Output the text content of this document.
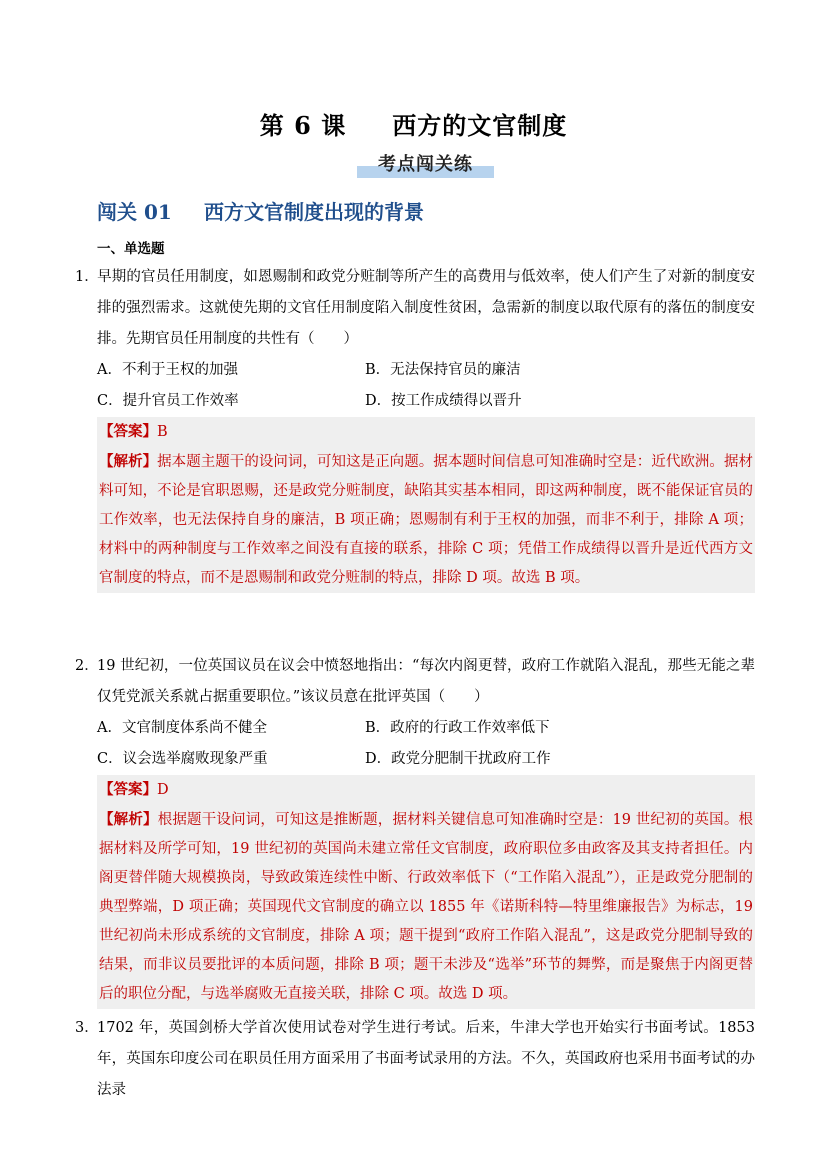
第 6 课 西方的文官制度
考点闯关练
闯关 01 西方文官制度出现的背景
一、单选题
1．早期的官员任用制度，如恩赐制和政党分赃制等所产生的高费用与低效率，使人们产生了对新的制度安排的强烈需求。这就使先期的文官任用制度陷入制度性贫困，急需新的制度以取代原有的落伍的制度安排。先期官员任用制度的共性有（　　）
A．不利于王权的加强	B．无法保持官员的廉洁
C．提升官员工作效率	D．按工作成绩得以晋升

【答案】B

【解析】据本题主题干的设问词，可知这是正向题。据本题时间信息可知准确时空是：近代欧洲。据材料可知，不论是官职恩赐，还是政党分赃制度，缺陷其实基本相同，即这两种制度，既不能保证官员的工作效率，也无法保持自身的廉洁，B 项正确；恩赐制有利于王权的加强，而非不利于，排除 A 项；材料中的两种制度与工作效率之间没有直接的联系，排除 C 项；凭借工作成绩得以晋升是近代西方文官制度的特点，而不是恩赐制和政党分赃制的特点，排除 D 项。故选 B 项。

2．19 世纪初，一位英国议员在议会中愤怒地指出：“每次内阁更替，政府工作就陷入混乱，那些无能之辈仅凭党派关系就占据重要职位。”该议员意在批评英国（　　）
A．文官制度体系尚不健全	B．政府的行政工作效率低下
C．议会选举腐败现象严重	D．政党分肥制干扰政府工作

【答案】D

【解析】根据题干设问词，可知这是推断题，据材料关键信息可知准确时空是：19 世纪初的英国。根据材料及所学可知，19 世纪初的英国尚未建立常任文官制度，政府职位多由政客及其支持者担任。内阁更替伴随大规模换岗，导致政策连续性中断、行政效率低下（“工作陷入混乱”），正是政党分肥制的典型弊端，D 项正确；英国现代文官制度的确立以 1855 年《诺斯科特—特里维廉报告》为标志，19 世纪初尚未形成系统的文官制度，排除 A 项；题干提到“政府工作陷入混乱”，这是政党分肥制导致的结果，而非议员要批评的本质问题，排除 B 项；题干未涉及“选举”环节的舞弊，而是聚焦于内阁更替后的职位分配，与选举腐败无直接关联，排除 C 项。故选 D 项。

3．1702 年，英国剑桥大学首次使用试卷对学生进行考试。后来，牛津大学也开始实行书面考试。1853 年，英国东印度公司在职员任用方面采用了书面考试录用的方法。不久，英国政府也采用书面考试的办法录
